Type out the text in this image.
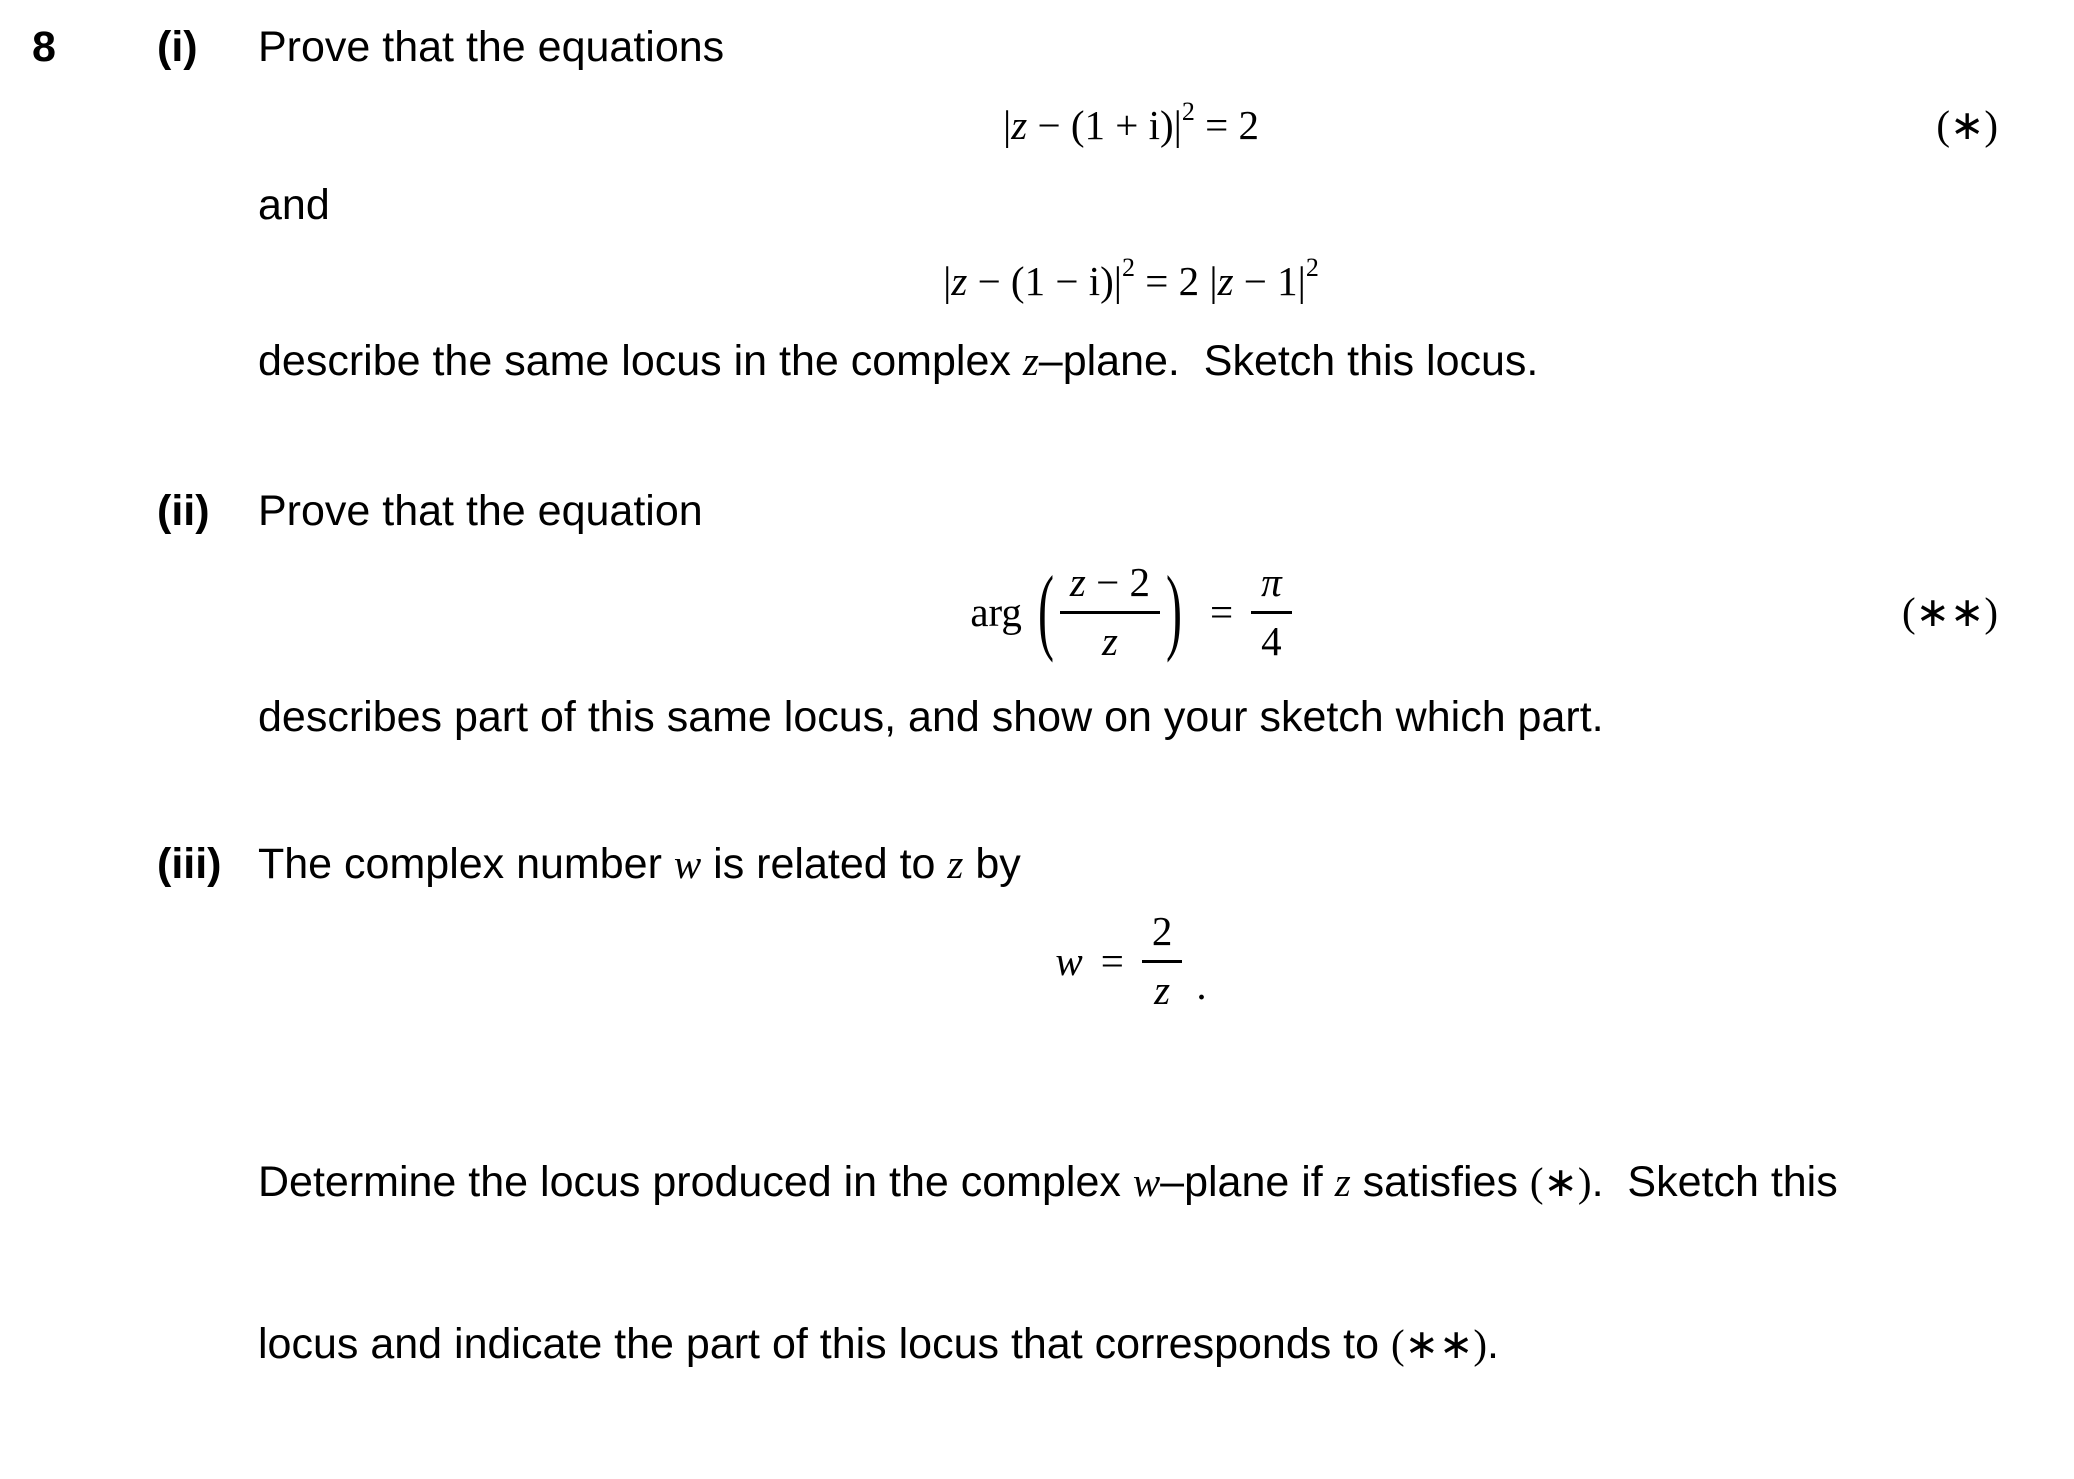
8	(i)	Prove that the equations
$|z - (1 + i)|^2 = 2$	(∗)
and
$|z - (1 - i)|^2 = 2$ $|z - 1|^2$
describe the same locus in the complex z–plane.  Sketch this locus.
(ii)	Prove that the equation
arg ( $\frac{z - 2}{z}$ ) = $\frac{\pi}{4}$	(∗∗)
describes part of this same locus, and show on your sketch which part.
(iii) The complex number w is related to z by
$w = \frac{2}{z}$ .

Determine the locus produced in the complex w–plane if z satisfies (∗).  Sketch this

locus and indicate the part of this locus that corresponds to (∗∗).
